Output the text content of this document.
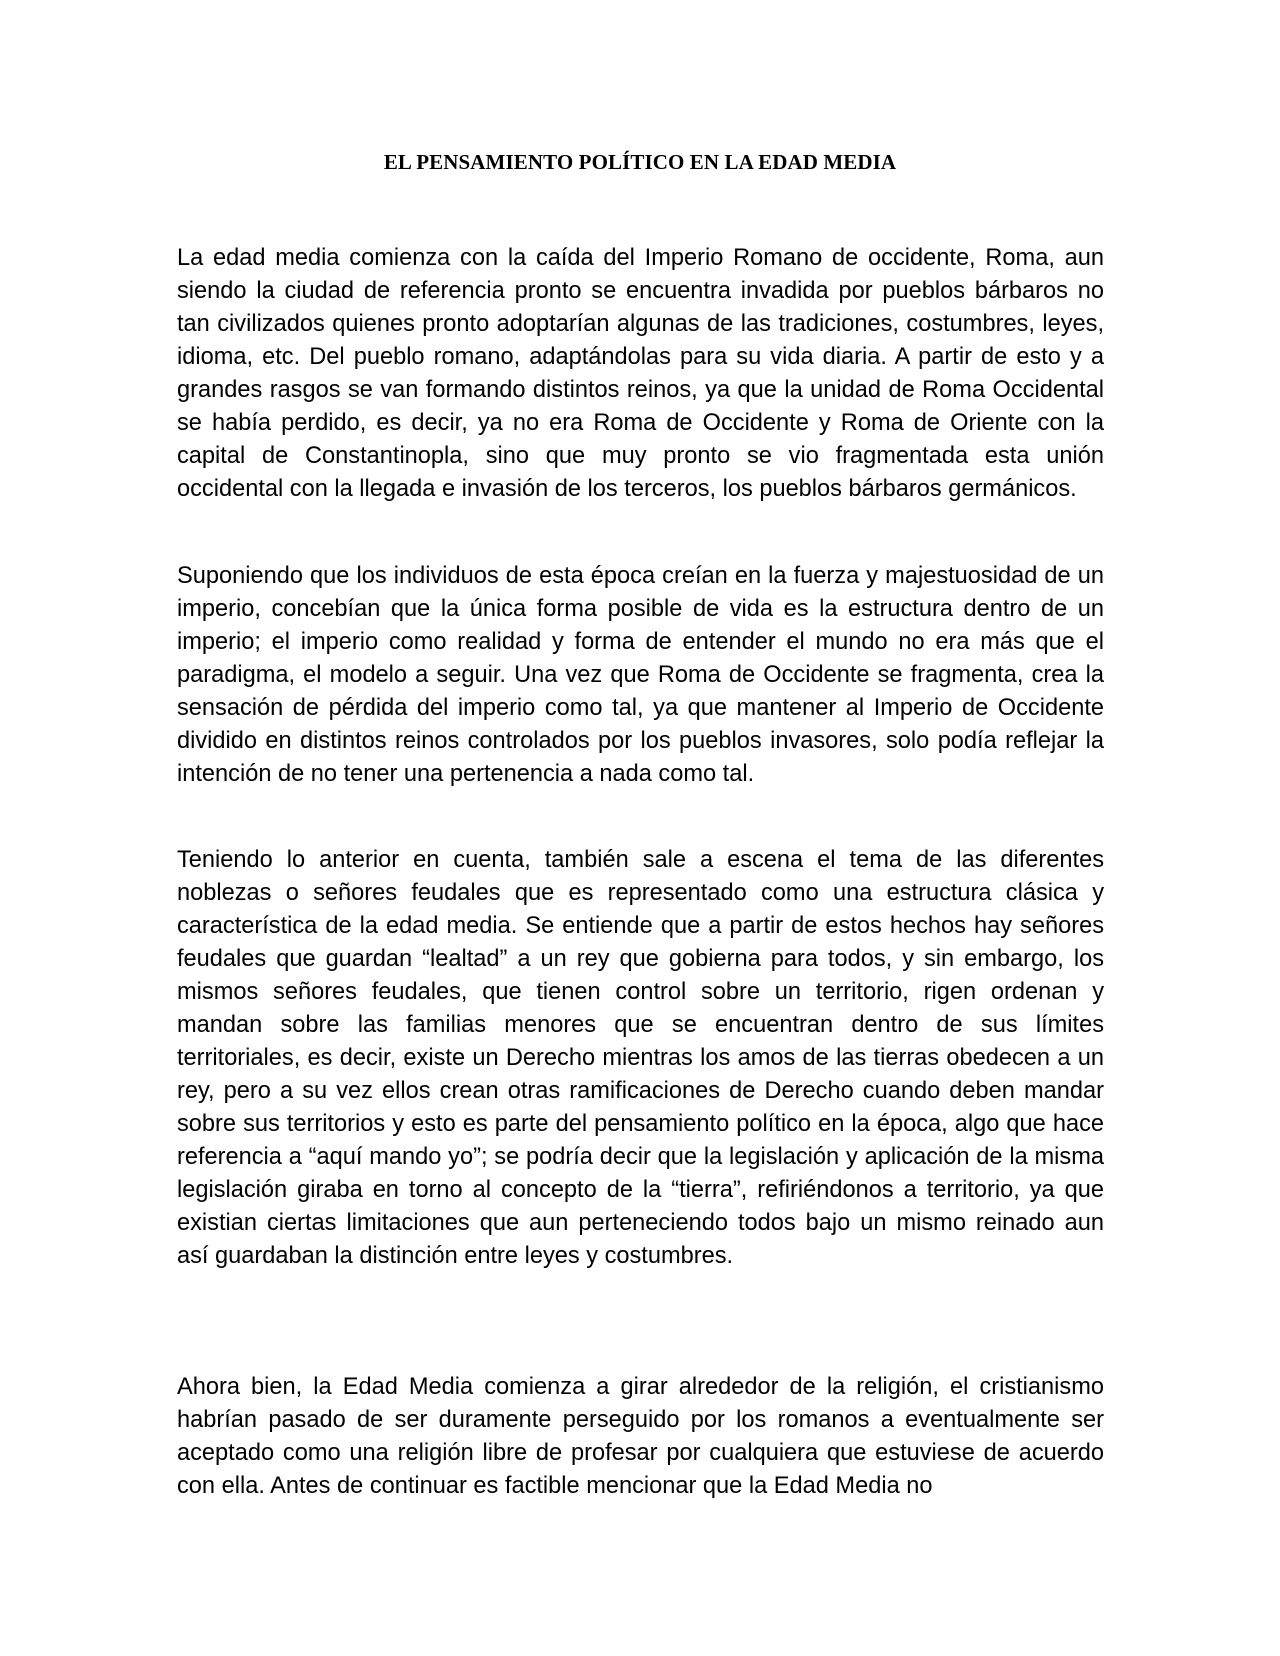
EL PENSAMIENTO POLÍTICO EN LA EDAD MEDIA

La edad media comienza con la caída del Imperio Romano de occidente, Roma, aun siendo la ciudad de referencia pronto se encuentra invadida por pueblos bárbaros no tan civilizados quienes pronto adoptarían algunas de las tradiciones, costumbres, leyes, idioma, etc. Del pueblo romano, adaptándolas para su vida diaria. A partir de esto y a grandes rasgos se van formando distintos reinos, ya que la unidad de Roma Occidental se había perdido, es decir, ya no era Roma de Occidente y Roma de Oriente con la capital de Constantinopla, sino que muy pronto se vio fragmentada esta unión occidental con la llegada e invasión de los terceros, los pueblos bárbaros germánicos.

Suponiendo que los individuos de esta época creían en la fuerza y majestuosidad de un imperio, concebían que la única forma posible de vida es la estructura dentro de un imperio; el imperio como realidad y forma de entender el mundo no era más que el paradigma, el modelo a seguir. Una vez que Roma de Occidente se fragmenta, crea la sensación de pérdida del imperio como tal, ya que mantener al Imperio de Occidente dividido en distintos reinos controlados por los pueblos invasores, solo podía reflejar la intención de no tener una pertenencia a nada como tal.

Teniendo lo anterior en cuenta, también sale a escena el tema de las diferentes noblezas o señores feudales que es representado como una estructura clásica y característica de la edad media. Se entiende que a partir de estos hechos hay señores feudales que guardan “lealtad” a un rey que gobierna para todos, y sin embargo, los mismos señores feudales, que tienen control sobre un territorio, rigen ordenan y mandan sobre las familias menores que se encuentran dentro de sus límites territoriales, es decir, existe un Derecho mientras los amos de las tierras obedecen a un rey, pero a su vez ellos crean otras ramificaciones de Derecho cuando deben mandar sobre sus territorios y esto es parte del pensamiento político en la época, algo que hace referencia a “aquí mando yo”; se podría decir que la legislación y aplicación de la misma legislación giraba en torno al concepto de la “tierra”, refiriéndonos a territorio, ya que existian ciertas limitaciones que aun perteneciendo todos bajo un mismo reinado aun así guardaban la distinción entre leyes y costumbres.

Ahora bien, la Edad Media comienza a girar alrededor de la religión, el cristianismo habrían pasado de ser duramente perseguido por los romanos a eventualmente ser aceptado como una religión libre de profesar por cualquiera que estuviese de acuerdo con ella. Antes de continuar es factible mencionar que la Edad Media no
